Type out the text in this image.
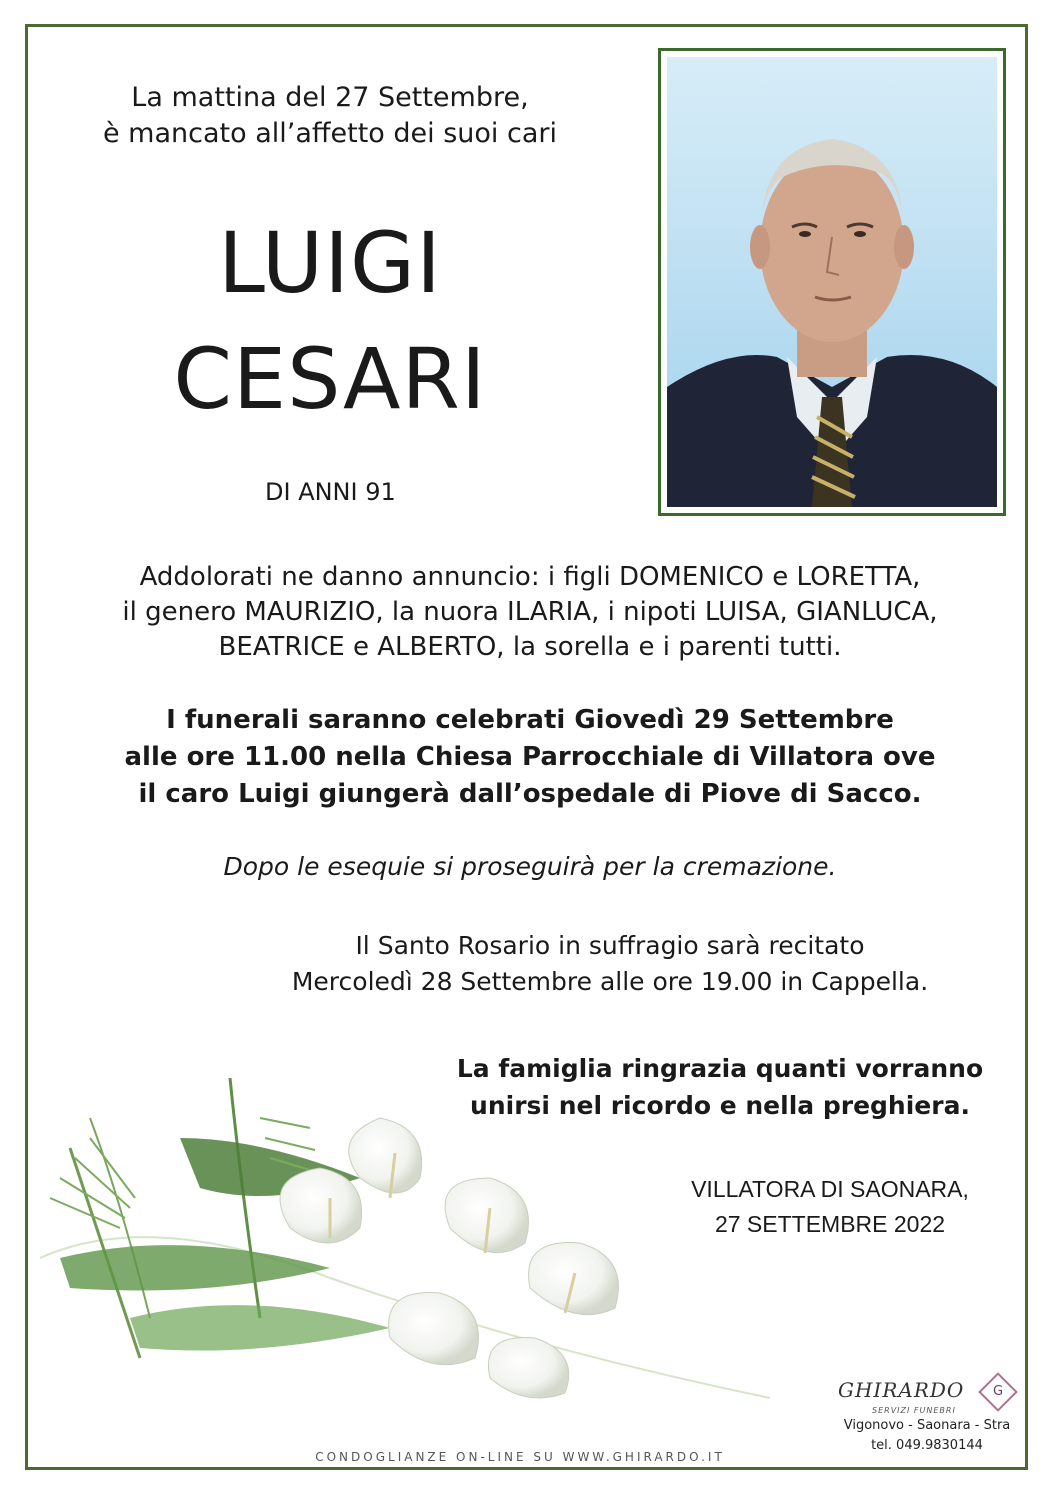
La mattina del 27 Settembre,
è mancato all’affetto dei suoi cari
LUIGI
CESARI
DI ANNI 91
Addolorati ne danno annuncio: i figli DOMENICO e LORETTA,
il genero MAURIZIO, la nuora ILARIA, i nipoti LUISA, GIANLUCA,
BEATRICE e ALBERTO, la sorella e i parenti tutti.
I funerali saranno celebrati Giovedì 29 Settembre
alle ore 11.00 nella Chiesa Parrocchiale di Villatora ove
il caro Luigi giungerà dall’ospedale di Piove di Sacco.
Dopo le esequie si proseguirà per la cremazione.
Il Santo Rosario in suffragio sarà recitato
Mercoledì 28 Settembre alle ore 19.00 in Cappella.
La famiglia ringrazia quanti vorranno
unirsi nel ricordo e nella preghiera.
VILLATORA DI SAONARA,
27 SETTEMBRE 2022
GHIRARDO
SERVIZI FUNEBRI
G
Vigonovo - Saonara - Stra
tel. 049.9830144
CONDOGLIANZE ON-LINE SU WWW.GHIRARDO.IT
